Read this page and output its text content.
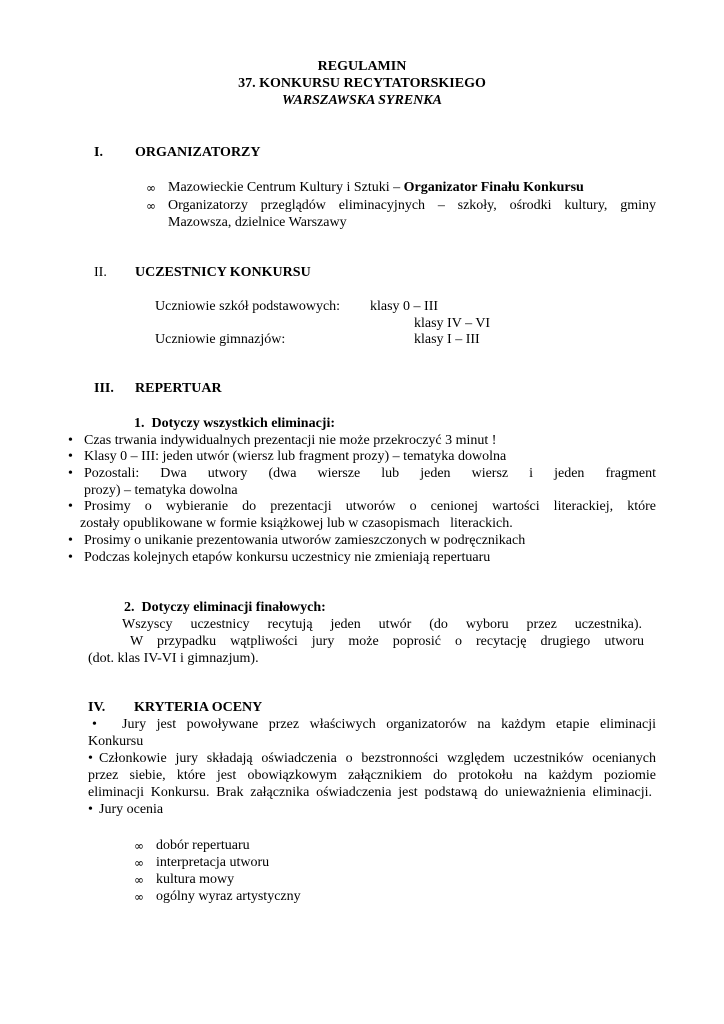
REGULAMIN
37. KONKURSU RECYTATORSKIEGO
WARSZAWSKA SYRENKA
I. ORGANIZATORZY
∞ Mazowieckie Centrum Kultury i Sztuki – Organizator Finału Konkursu
∞ Organizatorzy przeglądów eliminacyjnych – szkoły, ośrodki kultury, gminy
Mazowsza, dzielnice Warszawy
II. UCZESTNICY KONKURSU
Uczniowie szkół podstawowych: klasy 0 – III
klasy IV – VI
Uczniowie gimnazjów:	klasy I – III
III. REPERTUAR
1.  Dotyczy wszystkich eliminacji:
• Czas trwania indywidualnych prezentacji nie może przekroczyć 3 minut !
• Klasy 0 – III: jeden utwór (wiersz lub fragment prozy) – tematyka dowolna
• Pozostali: Dwa utwory (dwa wiersze lub jeden wiersz i jeden fragment
prozy) – tematyka dowolna
• Prosimy o wybieranie do prezentacji utworów o cenionej wartości literackiej, które
zostały opublikowane w formie książkowej lub w czasopismach   literackich.
• Prosimy o unikanie prezentowania utworów zamieszczonych w podręcznikach
• Podczas kolejnych etapów konkursu uczestnicy nie zmieniają repertuaru
2.  Dotyczy eliminacji finałowych:
Wszyscy uczestnicy recytują jeden utwór (do wyboru przez uczestnika).
W przypadku wątpliwości jury może poprosić o recytację drugiego utworu
(dot. klas IV-VI i gimnazjum).
IV. KRYTERIA OCENY
• Jury jest powoływane przez właściwych organizatorów na każdym etapie eliminacji
Konkursu
• Członkowie jury składają oświadczenia o bezstronności względem uczestników ocenianych
przez siebie, które jest obowiązkowym załącznikiem do protokołu na każdym poziomie
eliminacji Konkursu. Brak załącznika oświadczenia jest podstawą do unieważnienia eliminacji.
• Jury ocenia
∞ dobór repertuaru
∞ interpretacja utworu
∞ kultura mowy
∞ ogólny wyraz artystyczny
